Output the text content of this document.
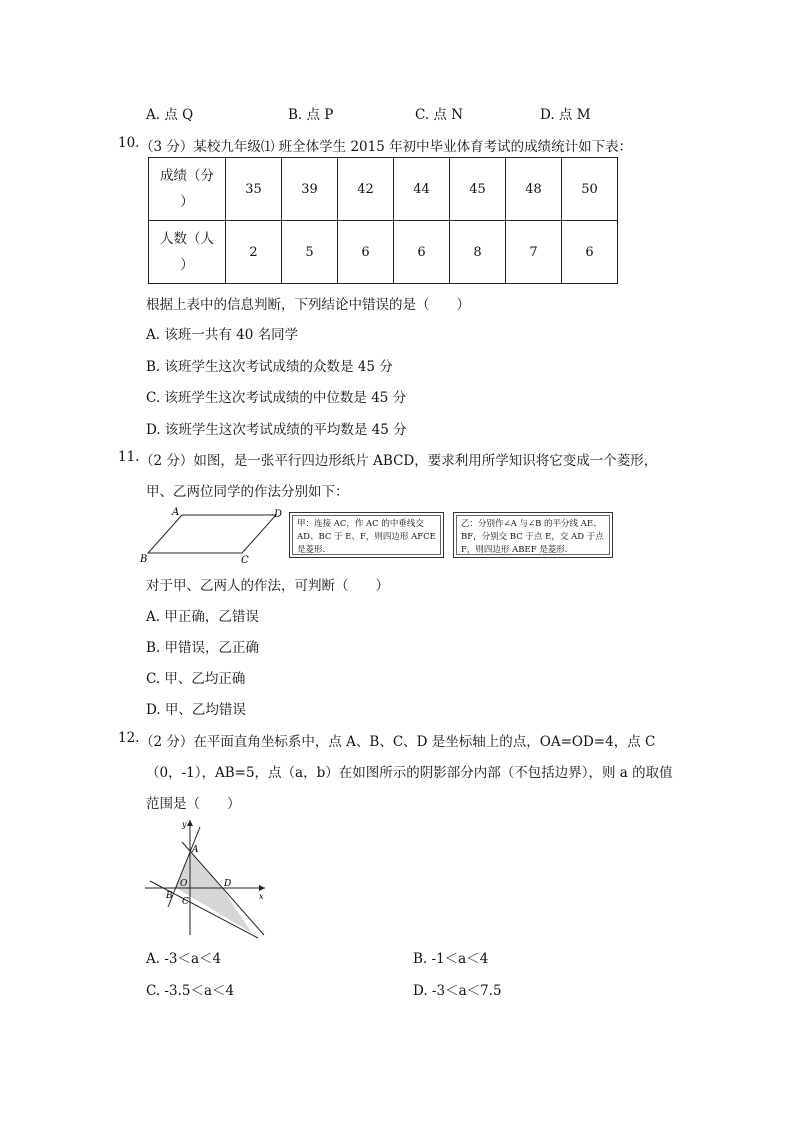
A. 点 Q	B. 点 P	C. 点 N	D. 点 M
10. （3 分）某校九年级⑴ 班全体学生 2015 年初中毕业体育考试的成绩统计如下表：
成绩（分
）	35	39	42	44	45	48	50

人数（人
）	2	5	6	6	8	7	6
根据上表中的信息判断，下列结论中错误的是（　　）
A. 该班一共有 40 名同学
B. 该班学生这次考试成绩的众数是 45 分
C. 该班学生这次考试成绩的中位数是 45 分
D. 该班学生这次考试成绩的平均数是 45 分
11. （2 分）如图，是一张平行四边形纸片 ABCD，要求利用所学知识将它变成一个菱形，
甲、乙两位同学的作法分别如下：
A	D
B	C
甲：连接 AC，作 AC 的中垂线交 AD、BC 于 E、F，则四边形 AFCE 是菱形.
乙：分别作∠A 与∠B 的平分线 AE、BF，分别交 BC 于点 E，交 AD 于点 F，则四边形 ABEF 是菱形.
对于甲、乙两人的作法，可判断（　　）
A. 甲正确，乙错误
B. 甲错误，乙正确
C. 甲、乙均正确
D. 甲、乙均错误
12. （2 分）在平面直角坐标系中，点 A、B、C、D 是坐标轴上的点，OA=OD=4，点 C
（0，-1），AB=5，点（a，b）在如图所示的阴影部分内部（不包括边界），则 a 的取值
范围是（　　）
y
x
A
O	D
B
C
A. -3＜a＜4	B. -1＜a＜4
C. -3.5＜a＜4	D. -3＜a＜7.5
